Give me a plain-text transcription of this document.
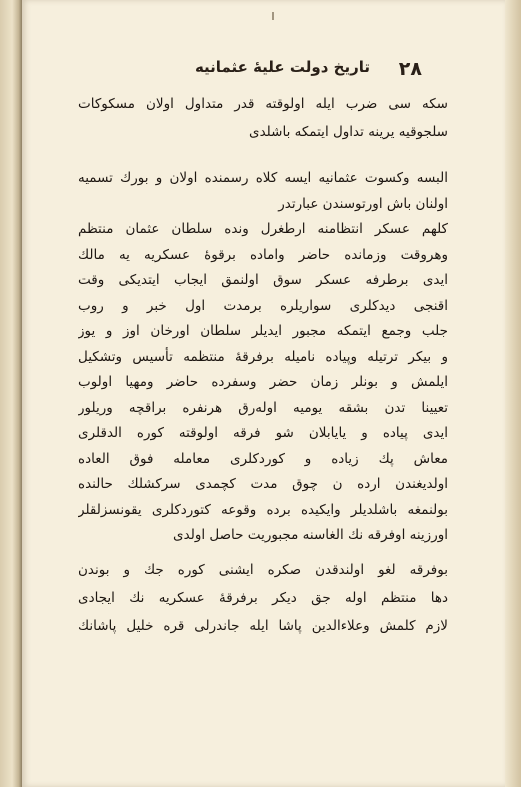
۲۸
تاريخ دولت عليهٔ عثمانيه
سكه سى ضرب ايله اولوقته قدر متداول اولان مسكوكات
سلجوقيه يرينه تداول ايتمكه باشلدى
البسه وكسوت عثمانيه ايسه كلاه رسمنده اولان و بورك تسميه
اولنان باش اورتوسندن عبارتدر
كلهم عسكر انتظامنه ارطغرل ونده سلطان عثمان منتظم
وهروقت وزمانده حاضر وامادە برقوهٔ عسكريه يه مالك
ايدى برطرفه عسكر سوق اولنمق ايجاب ايتديكى وقت
اقنجى ديدكلرى سواريلره برمدت اول خبر و روب
جلب وجمع ايتمكه مجبور ايديلر سلطان اورخان اوز و يوز
و بيكر ترتيله وپياده نامیله برفرقهٔ منتظمه تأسيس وتشكيل
ايلمش و بونلر زمان حضر وسفرده حاضر ومهيا اولوب
تعيينا تدن بشقه يوميه اولەرق هرنفره براقچه وريلور
ايدى پياده و يايابلان شو فرقه اولوقته كوره الدقلرى
معاش پك زياده و كوردكلرى معامله فوق العاده
اولديغندن ارده ن چوق مدت كچمدى سركشلك حالنده
بولنمغه باشلديلر وايكيده برده وقوعه كتوردكلرى يقونسزلقلر
اورزينه اوفرقه نك الغاسنه مجبوريت حاصل اولدى
بوفرقه لغو اولندقدن صكره ايشنى كوره جك و بوندن
دها منتظم اوله جق ديكر برفرقهٔ عسكريه نك ايجادى
لازم كلمش وعلاءالدين پاشا ايله جاندرلى قره خليل پاشانك
